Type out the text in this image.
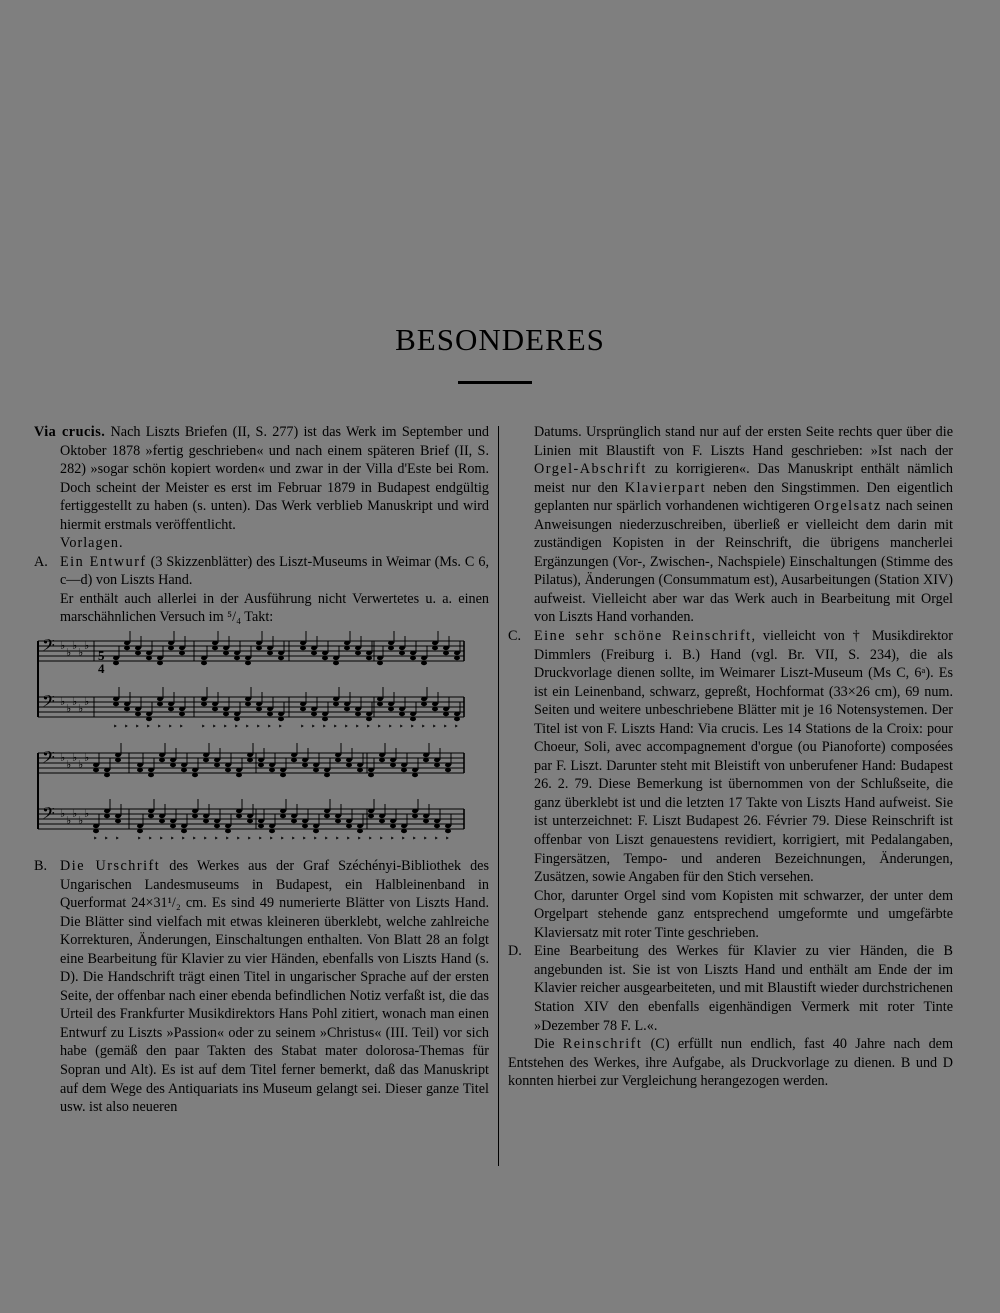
BESONDERES

Via crucis. Nach Liszts Briefen (II, S. 277) ist das Werk im September und Oktober 1878 »fertig geschrieben« und nach einem späteren Brief (II, S. 282) »sogar schön kopiert worden« und zwar in der Villa d'Este bei Rom. Doch scheint der Meister es erst im Februar 1879 in Budapest endgültig fertiggestellt zu haben (s. unten). Das Werk verblieb Manuskript und wird hiermit erstmals veröffentlicht.

Vorlagen.

A. Ein Entwurf (3 Skizzenblätter) des Liszt-Museums in Weimar (Ms. C 6, c—d) von Liszts Hand.

Er enthält auch allerlei in der Ausführung nicht Verwertetes u. a. einen marschähnlichen Versuch im ⁵/₄ Takt:

𝄢 ♭
♭
♭
♭
♭
𝄢 ♭
♭
♭
♭
♭
‣ ‣ ‣ ‣ ‣ ‣ ‣ ‣ ‣ ‣ ‣ ‣ ‣ ‣ ‣ ‣ ‣ ‣ ‣ ‣ ‣ ‣ ‣ ‣ ‣ ‣ ‣ ‣ ‣ ‣
𝄢 ♭
♭
♭
♭
♭
𝄢 ♭
♭
♭
♭
♭
‣ ‣ ‣ ‣ ‣ ‣ ‣ ‣ ‣ ‣ ‣ ‣ ‣ ‣ ‣ ‣ ‣ ‣ ‣ ‣ ‣ ‣ ‣ ‣ ‣ ‣ ‣ ‣ ‣ ‣ ‣ ‣
5
4

B. Die Urschrift des Werkes aus der Graf Széchényi-Bibliothek des Ungarischen Landesmuseums in Budapest, ein Halbleinenband in Querformat 24×31¹/₂ cm. Es sind 49 numerierte Blätter von Liszts Hand. Die Blätter sind vielfach mit etwas kleineren überklebt, welche zahlreiche Korrekturen, Änderungen, Einschaltungen enthalten. Von Blatt 28 an folgt eine Bearbeitung für Klavier zu vier Händen, ebenfalls von Liszts Hand (s. D). Die Handschrift trägt einen Titel in ungarischer Sprache auf der ersten Seite, der offenbar nach einer ebenda befindlichen Notiz verfaßt ist, die das Urteil des Frankfurter Musikdirektors Hans Pohl zitiert, wonach man einen Entwurf zu Liszts »Passion« oder zu seinem »Christus« (III. Teil) vor sich habe (gemäß den paar Takten des Stabat mater dolorosa-Themas für Sopran und Alt). Es ist auf dem Titel ferner bemerkt, daß das Manuskript auf dem Wege des Antiquariats ins Museum gelangt sei. Dieser ganze Titel usw. ist also neueren

Datums. Ursprünglich stand nur auf der ersten Seite rechts quer über die Linien mit Blaustift von F. Liszts Hand geschrieben: »Ist nach der Orgel-Abschrift zu korrigieren«. Das Manuskript enthält nämlich meist nur den Klavierpart neben den Singstimmen. Den eigentlich geplanten nur spärlich vorhandenen wichtigeren Orgelsatz nach seinen Anweisungen niederzuschreiben, überließ er vielleicht dem darin mit zuständigen Kopisten in der Reinschrift, die übrigens mancherlei Ergänzungen (Vor-, Zwischen-, Nachspiele) Einschaltungen (Stimme des Pilatus), Änderungen (Consummatum est), Ausarbeitungen (Station XIV) aufweist. Vielleicht aber war das Werk auch in Bearbeitung mit Orgel von Liszts Hand vorhanden.

C. Eine sehr schöne Reinschrift, vielleicht von † Musikdirektor Dimmlers (Freiburg i. B.) Hand (vgl. Br. VII, S. 234), die als Druckvorlage dienen sollte, im Weimarer Liszt-Museum (Ms C, 6ᵃ). Es ist ein Leinenband, schwarz, gepreßt, Hochformat (33×26 cm), 69 num. Seiten und weitere unbeschriebene Blätter mit je 16 Notensystemen. Der Titel ist von F. Liszts Hand: Via crucis. Les 14 Stations de la Croix: pour Choeur, Soli, avec accompagnement d'orgue (ou Pianoforte) composées par F. Liszt. Darunter steht mit Bleistift von unberufener Hand: Budapest 26. 2. 79. Diese Bemerkung ist übernommen von der Schlußseite, die ganz überklebt ist und die letzten 17 Takte von Liszts Hand aufweist. Sie ist unterzeichnet: F. Liszt Budapest 26. Février 79. Diese Reinschrift ist offenbar von Liszt genauestens revidiert, korrigiert, mit Pedalangaben, Fingersätzen, Tempo- und anderen Bezeichnungen, Änderungen, Zusätzen, sowie Angaben für den Stich versehen.

Chor, darunter Orgel sind vom Kopisten mit schwarzer, der unter dem Orgelpart stehende ganz entsprechend umgeformte und umgefärbte Klaviersatz mit roter Tinte geschrieben.

D. Eine Bearbeitung des Werkes für Klavier zu vier Händen, die B angebunden ist. Sie ist von Liszts Hand und enthält am Ende der im Klavier reicher ausgearbeiteten, und mit Blaustift wieder durchstrichenen Station XIV den ebenfalls eigenhändigen Vermerk mit roter Tinte »Dezember 78 F. L.«.

Die Reinschrift (C) erfüllt nun endlich, fast 40 Jahre nach dem Entstehen des Werkes, ihre Aufgabe, als Druckvorlage zu dienen. B und D konnten hierbei zur Vergleichung herangezogen werden.
